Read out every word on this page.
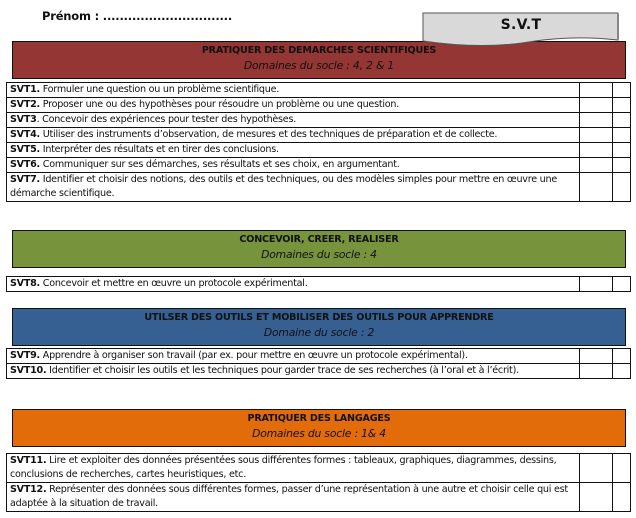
Prénom : ...............................
S.V.T
PRATIQUER DES DEMARCHES SCIENTIFIQUES
Domaines du socle : 4, 2 & 1
SVT1. Formuler une question ou un problème scientifique.		
SVT2. Proposer une ou des hypothèses pour résoudre un problème ou une question.		
SVT3. Concevoir des expériences pour tester des hypothèses.		
SVT4. Utiliser des instruments d’observation, de mesures et des techniques de préparation et de collecte.		
SVT5. Interpréter des résultats et en tirer des conclusions.		
SVT6. Communiquer sur ses démarches, ses résultats et ses choix, en argumentant.		
SVT7. Identifier et choisir des notions, des outils et des techniques, ou des modèles simples pour mettre en œuvre une démarche scientifique.		
CONCEVOIR, CREER, REALISER
Domaines du socle : 4
SVT8. Concevoir et mettre en œuvre un protocole expérimental.		
UTILSER DES OUTILS ET MOBILISER DES OUTILS POUR APPRENDRE
Domaine du socle : 2
SVT9. Apprendre à organiser son travail (par ex. pour mettre en œuvre un protocole expérimental).		
SVT10. Identifier et choisir les outils et les techniques pour garder trace de ses recherches (à l’oral et à l’écrit).		
PRATIQUER DES LANGAGES
Domaines du socle : 1& 4
SVT11. Lire et exploiter des données présentées sous différentes formes : tableaux, graphiques, diagrammes, dessins, conclusions de recherches, cartes heuristiques, etc.		
SVT12. Représenter des données sous différentes formes, passer d’une représentation à une autre et choisir celle qui est adaptée à la situation de travail.		
